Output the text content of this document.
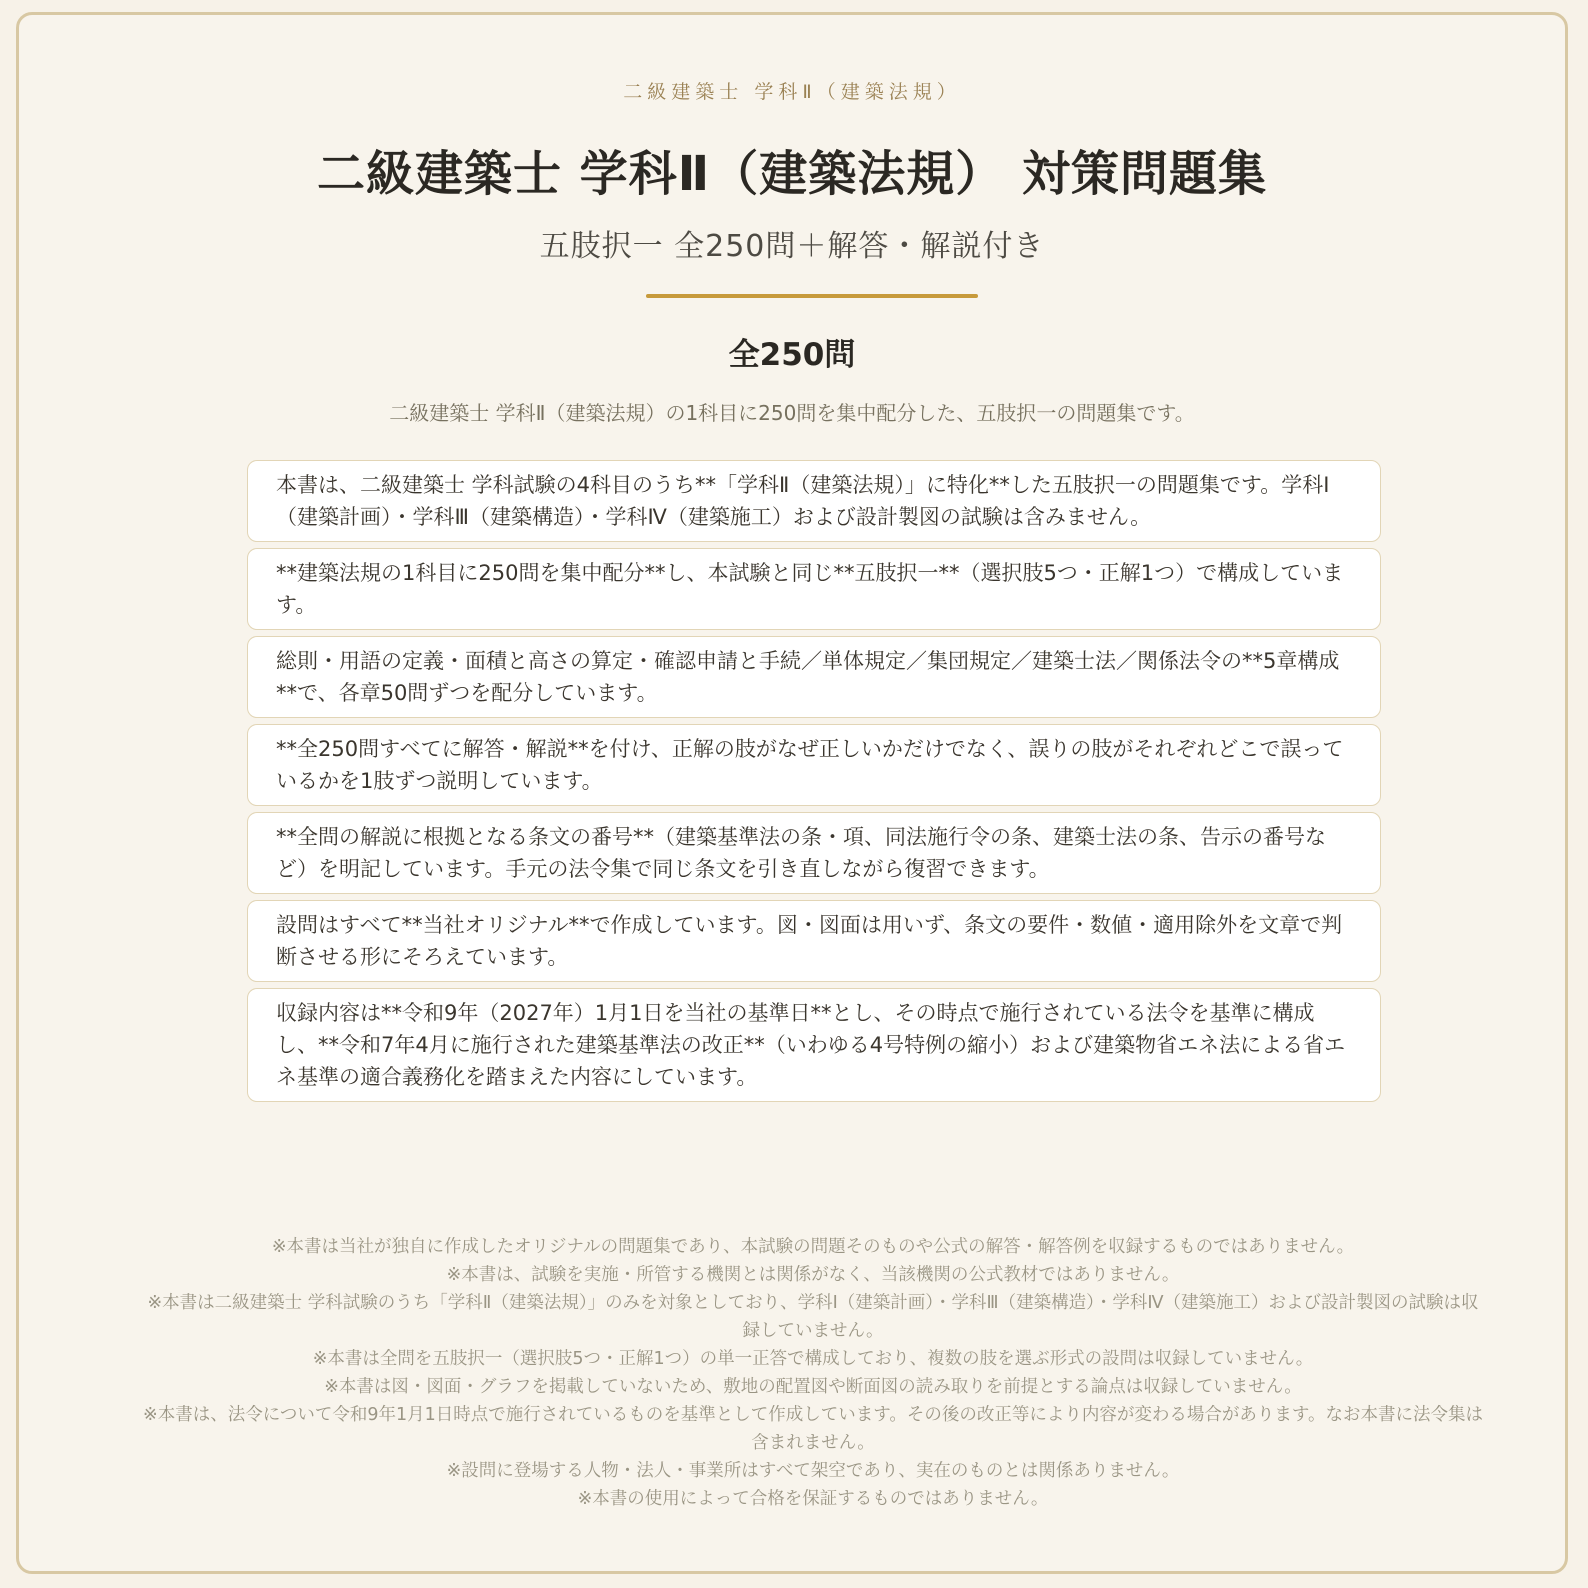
二級建築士 学科Ⅱ（建築法規）
二級建築士 学科Ⅱ（建築法規） 対策問題集
五肢択一 全250問＋解答・解説付き
全250問
二級建築士 学科Ⅱ（建築法規）の1科目に250問を集中配分した、五肢択一の問題集です。
本書は、二級建築士 学科試験の4科目のうち**「学科Ⅱ（建築法規）」に特化**した五肢択一の問題集です。学科Ⅰ（建築計画）・学科Ⅲ（建築構造）・学科Ⅳ（建築施工）および設計製図の試験は含みません。
**建築法規の1科目に250問を集中配分**し、本試験と同じ**五肢択一**（選択肢5つ・正解1つ）で構成しています。
総則・用語の定義・面積と高さの算定・確認申請と手続／単体規定／集団規定／建築士法／関係法令の**5章構成**で、各章50問ずつを配分しています。
**全250問すべてに解答・解説**を付け、正解の肢がなぜ正しいかだけでなく、誤りの肢がそれぞれどこで誤っているかを1肢ずつ説明しています。
**全問の解説に根拠となる条文の番号**（建築基準法の条・項、同法施行令の条、建築士法の条、告示の番号など）を明記しています。手元の法令集で同じ条文を引き直しながら復習できます。
設問はすべて**当社オリジナル**で作成しています。図・図面は用いず、条文の要件・数値・適用除外を文章で判断させる形にそろえています。
収録内容は**令和9年（2027年）1月1日を当社の基準日**とし、その時点で施行されている法令を基準に構成し、**令和7年4月に施行された建築基準法の改正**（いわゆる4号特例の縮小）および建築物省エネ法による省エネ基準の適合義務化を踏まえた内容にしています。

※本書は当社が独自に作成したオリジナルの問題集であり、本試験の問題そのものや公式の解答・解答例を収録するものではありません。

※本書は、試験を実施・所管する機関とは関係がなく、当該機関の公式教材ではありません。

※本書は二級建築士 学科試験のうち「学科Ⅱ（建築法規）」のみを対象としており、学科Ⅰ（建築計画）・学科Ⅲ（建築構造）・学科Ⅳ（建築施工）および設計製図の試験は収録していません。

※本書は全問を五肢択一（選択肢5つ・正解1つ）の単一正答で構成しており、複数の肢を選ぶ形式の設問は収録していません。

※本書は図・図面・グラフを掲載していないため、敷地の配置図や断面図の読み取りを前提とする論点は収録していません。

※本書は、法令について令和9年1月1日時点で施行されているものを基準として作成しています。その後の改正等により内容が変わる場合があります。なお本書に法令集は含まれません。

※設問に登場する人物・法人・事業所はすべて架空であり、実在のものとは関係ありません。

※本書の使用によって合格を保証するものではありません。
